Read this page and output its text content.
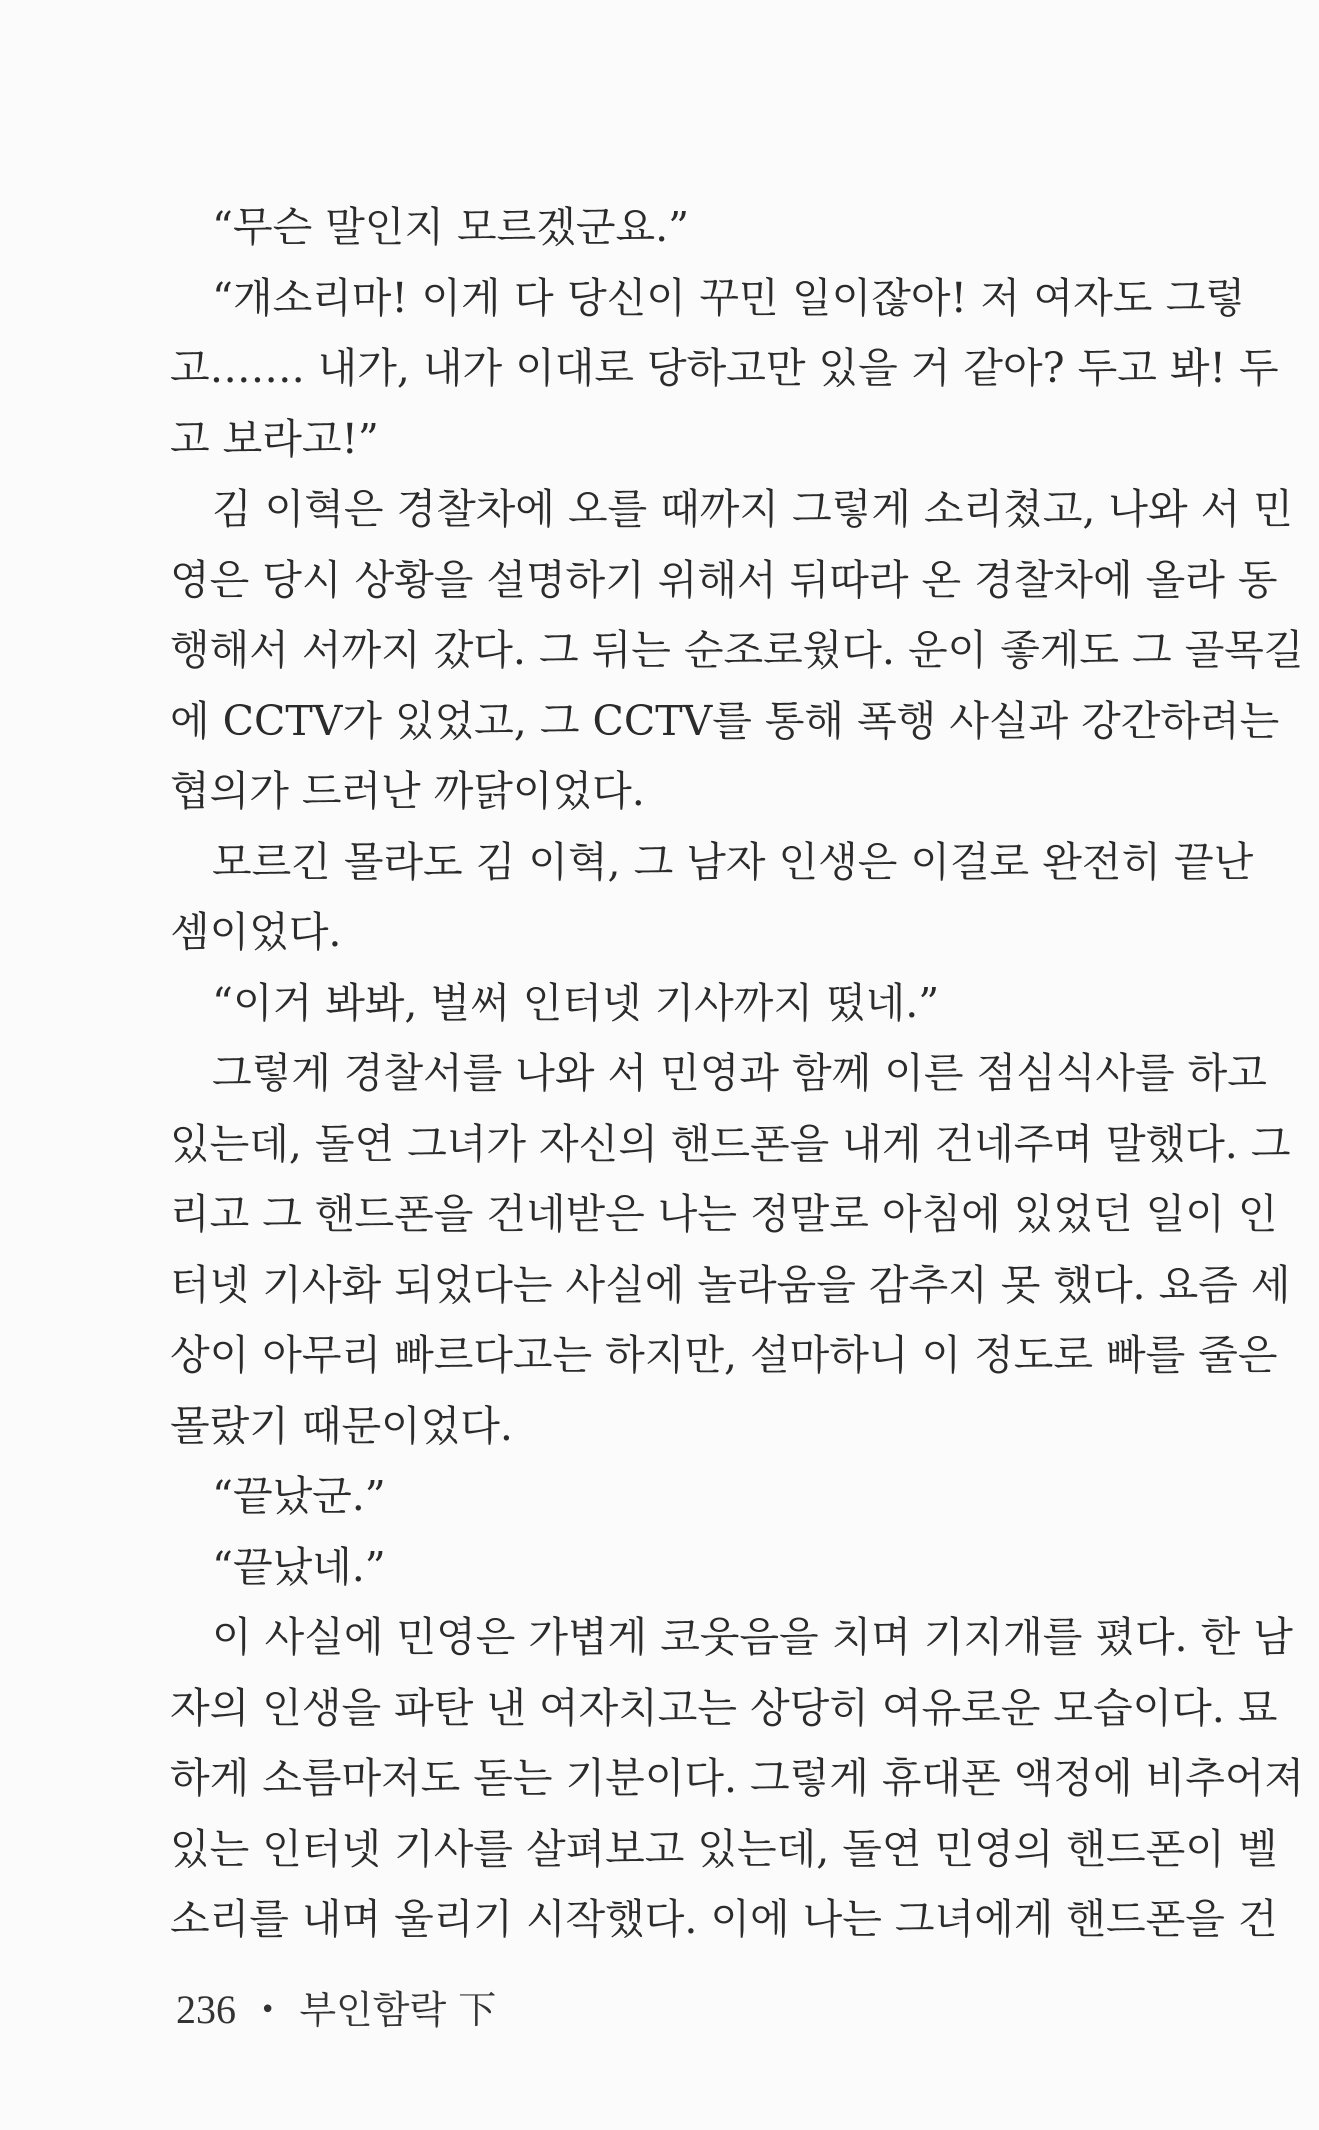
“무슨 말인지 모르겠군요.”
“개소리마! 이게 다 당신이 꾸민 일이잖아! 저 여자도 그렇
고……. 내가, 내가 이대로 당하고만 있을 거 같아? 두고 봐! 두
고 보라고!”
김 이혁은 경찰차에 오를 때까지 그렇게 소리쳤고, 나와 서 민
영은 당시 상황을 설명하기 위해서 뒤따라 온 경찰차에 올라 동
행해서 서까지 갔다. 그 뒤는 순조로웠다. 운이 좋게도 그 골목길
에 CCTV가 있었고, 그 CCTV를 통해 폭행 사실과 강간하려는
협의가 드러난 까닭이었다.
모르긴 몰라도 김 이혁, 그 남자 인생은 이걸로 완전히 끝난
셈이었다.
“이거 봐봐, 벌써 인터넷 기사까지 떴네.”
그렇게 경찰서를 나와 서 민영과 함께 이른 점심식사를 하고
있는데, 돌연 그녀가 자신의 핸드폰을 내게 건네주며 말했다. 그
리고 그 핸드폰을 건네받은 나는 정말로 아침에 있었던 일이 인
터넷 기사화 되었다는 사실에 놀라움을 감추지 못 했다. 요즘 세
상이 아무리 빠르다고는 하지만, 설마하니 이 정도로 빠를 줄은
몰랐기 때문이었다.
“끝났군.”
“끝났네.”
이 사실에 민영은 가볍게 코웃음을 치며 기지개를 폈다. 한 남
자의 인생을 파탄 낸 여자치고는 상당히 여유로운 모습이다. 묘
하게 소름마저도 돋는 기분이다. 그렇게 휴대폰 액정에 비추어져
있는 인터넷 기사를 살펴보고 있는데, 돌연 민영의 핸드폰이 벨
소리를 내며 울리기 시작했다. 이에 나는 그녀에게 핸드폰을 건
236 • 부인함락 下
